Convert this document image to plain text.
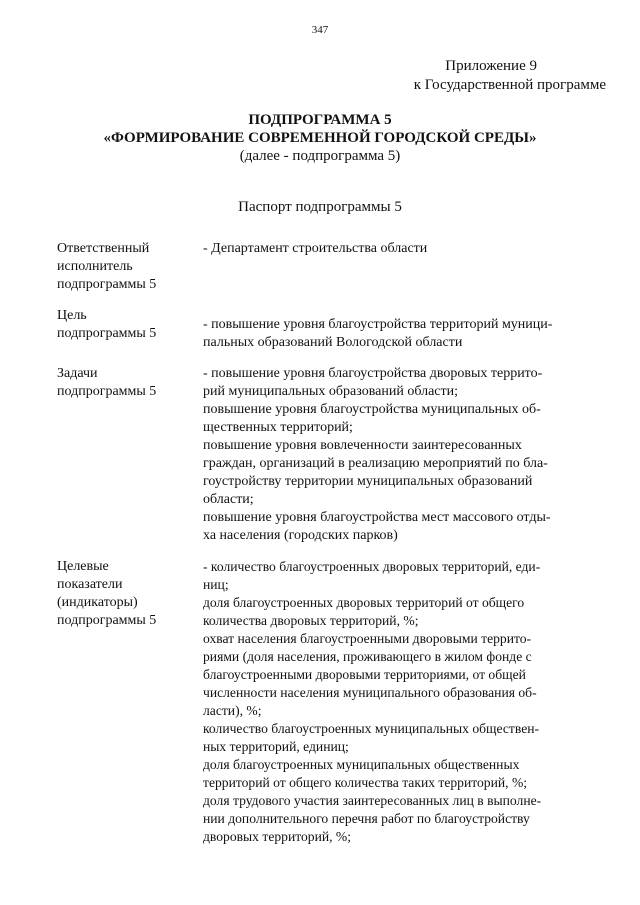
347
Приложение 9
к Государственной программе
ПОДПРОГРАММА 5
«ФОРМИРОВАНИЕ СОВРЕМЕННОЙ ГОРОДСКОЙ СРЕДЫ»
(далее - подпрограмма 5)
Паспорт подпрограммы 5
Ответственный
исполнитель
подпрограммы 5
- Департамент строительства области
Цель
подпрограммы 5
- повышение уровня благоустройства территорий муници-
пальных образований Вологодской области
Задачи
подпрограммы 5
- повышение уровня благоустройства дворовых террито-
рий муниципальных образований области;
повышение уровня благоустройства муниципальных об-
щественных территорий;
повышение уровня вовлеченности заинтересованных
граждан, организаций в реализацию мероприятий по бла-
гоустройству территории муниципальных образований
области;
повышение уровня благоустройства мест массового отды-
ха населения (городских парков)
Целевые
показатели
(индикаторы)
подпрограммы 5
- количество благоустроенных дворовых территорий, еди-
ниц;
доля благоустроенных дворовых территорий от общего
количества дворовых территорий, %;
охват населения благоустроенными дворовыми террито-
риями (доля населения, проживающего в жилом фонде с
благоустроенными дворовыми территориями, от общей
численности населения муниципального образования об-
ласти), %;
количество благоустроенных муниципальных обществен-
ных территорий, единиц;
доля благоустроенных муниципальных общественных
территорий от общего количества таких территорий, %;
доля трудового участия заинтересованных лиц в выполне-
нии дополнительного перечня работ по благоустройству
дворовых территорий, %;
